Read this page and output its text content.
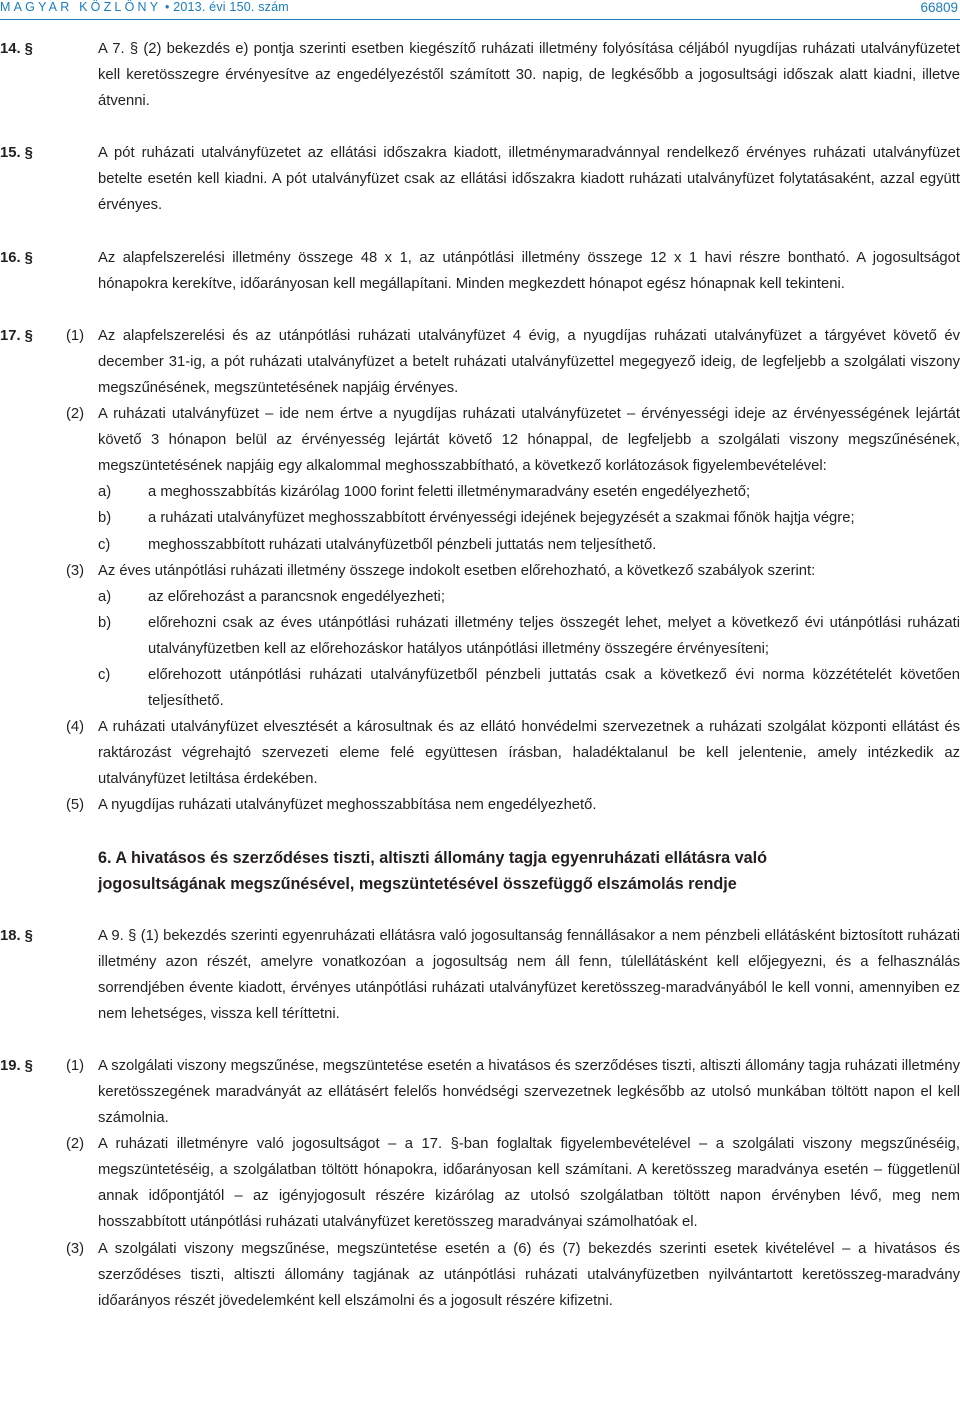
MAGYAR KÖZLÖNY • 2013. évi 150. szám	66809
14. §	A 7. § (2) bekezdés e) pontja szerinti esetben kiegészítő ruházati illetmény folyósítása céljából nyugdíjas ruházati utalványfüzetet kell keretösszegre érvényesítve az engedélyezéstől számított 30. napig, de legkésőbb a jogosultsági időszak alatt kiadni, illetve átvenni.
15. §	A pót ruházati utalványfüzetet az ellátási időszakra kiadott, illetménymaradvánnyal rendelkező érvényes ruházati utalványfüzet betelte esetén kell kiadni. A pót utalványfüzet csak az ellátási időszakra kiadott ruházati utalványfüzet folytatásaként, azzal együtt érvényes.
16. §	Az alapfelszerelési illetmény összege 48 x 1, az utánpótlási illetmény összege 12 x 1 havi részre bontható. A jogosultságot hónapokra kerekítve, időarányosan kell megállapítani. Minden megkezdett hónapot egész hónapnak kell tekinteni.
17. § (1) Az alapfelszerelési és az utánpótlási ruházati utalványfüzet 4 évig, a nyugdíjas ruházati utalványfüzet a tárgyévet követő év december 31-ig, a pót ruházati utalványfüzet a betelt ruházati utalványfüzettel megegyező ideig, de legfeljebb a szolgálati viszony megszűnésének, megszüntetésének napjáig érvényes.
(2) A ruházati utalványfüzet – ide nem értve a nyugdíjas ruházati utalványfüzetet – érvényességi ideje az érvényességének lejártát követő 3 hónapon belül az érvényesség lejártát követő 12 hónappal, de legfeljebb a szolgálati viszony megszűnésének, megszüntetésének napjáig egy alkalommal meghosszabbítható, a következő korlátozások figyelembevételével:
a) a meghosszabbítás kizárólag 1000 forint feletti illetménymaradvány esetén engedélyezhető;
b) a ruházati utalványfüzet meghosszabbított érvényességi idejének bejegyzését a szakmai főnök hajtja végre;
c)	meghosszabbított ruházati utalványfüzetből pénzbeli juttatás nem teljesíthető.
(3) Az éves utánpótlási ruházati illetmény összege indokolt esetben előrehozható, a következő szabályok szerint:
a) az előrehozást a parancsnok engedélyezheti;
b) előrehozni csak az éves utánpótlási ruházati illetmény teljes összegét lehet, melyet a következő évi utánpótlási ruházati utalványfüzetben kell az előrehozáskor hatályos utánpótlási illetmény összegére érvényesíteni;
c)	előrehozott utánpótlási ruházati utalványfüzetből pénzbeli juttatás csak a következő évi norma közzétételét követően teljesíthető.
(4) A ruházati utalványfüzet elvesztését a károsultnak és az ellátó honvédelmi szervezetnek a ruházati szolgálat központi ellátást és raktározást végrehajtó szervezeti eleme felé együttesen írásban, haladéktalanul be kell jelentenie, amely intézkedik az utalványfüzet letiltása érdekében.
(5) A nyugdíjas ruházati utalványfüzet meghosszabbítása nem engedélyezhető.
6. A hivatásos és szerződéses tiszti, altiszti állomány tagja egyenruházati ellátásra való
jogosultságának megszűnésével, megszüntetésével összefüggő elszámolás rendje
18. §	A 9. § (1) bekezdés szerinti egyenruházati ellátásra való jogosultanság fennállásakor a nem pénzbeli ellátásként biztosított ruházati illetmény azon részét, amelyre vonatkozóan a jogosultság nem áll fenn, túlellátásként kell előjegyezni, és a felhasználás sorrendjében évente kiadott, érvényes utánpótlási ruházati utalványfüzet keretösszeg-maradványából le kell vonni, amennyiben ez nem lehetséges, vissza kell téríttetni.
19. § (1) A szolgálati viszony megszűnése, megszüntetése esetén a hivatásos és szerződéses tiszti, altiszti állomány tagja ruházati illetmény keretösszegének maradványát az ellátásért felelős honvédségi szervezetnek legkésőbb az utolsó munkában töltött napon el kell számolnia.
(2) A ruházati illetményre való jogosultságot – a 17. §-ban foglaltak figyelembevételével – a szolgálati viszony megszűnéséig, megszüntetéséig, a szolgálatban töltött hónapokra, időarányosan kell számítani. A keretösszeg maradványa esetén – függetlenül annak időpontjától – az igényjogosult részére kizárólag az utolsó szolgálatban töltött napon érvényben lévő, meg nem hosszabbított utánpótlási ruházati utalványfüzet keretösszeg maradványai számolhatóak el.
(3) A szolgálati viszony megszűnése, megszüntetése esetén a (6) és (7) bekezdés szerinti esetek kivételével – a hivatásos és szerződéses tiszti, altiszti állomány tagjának az utánpótlási ruházati utalványfüzetben nyilvántartott keretösszeg-maradvány időarányos részét jövedelemként kell elszámolni és a jogosult részére kifizetni.
